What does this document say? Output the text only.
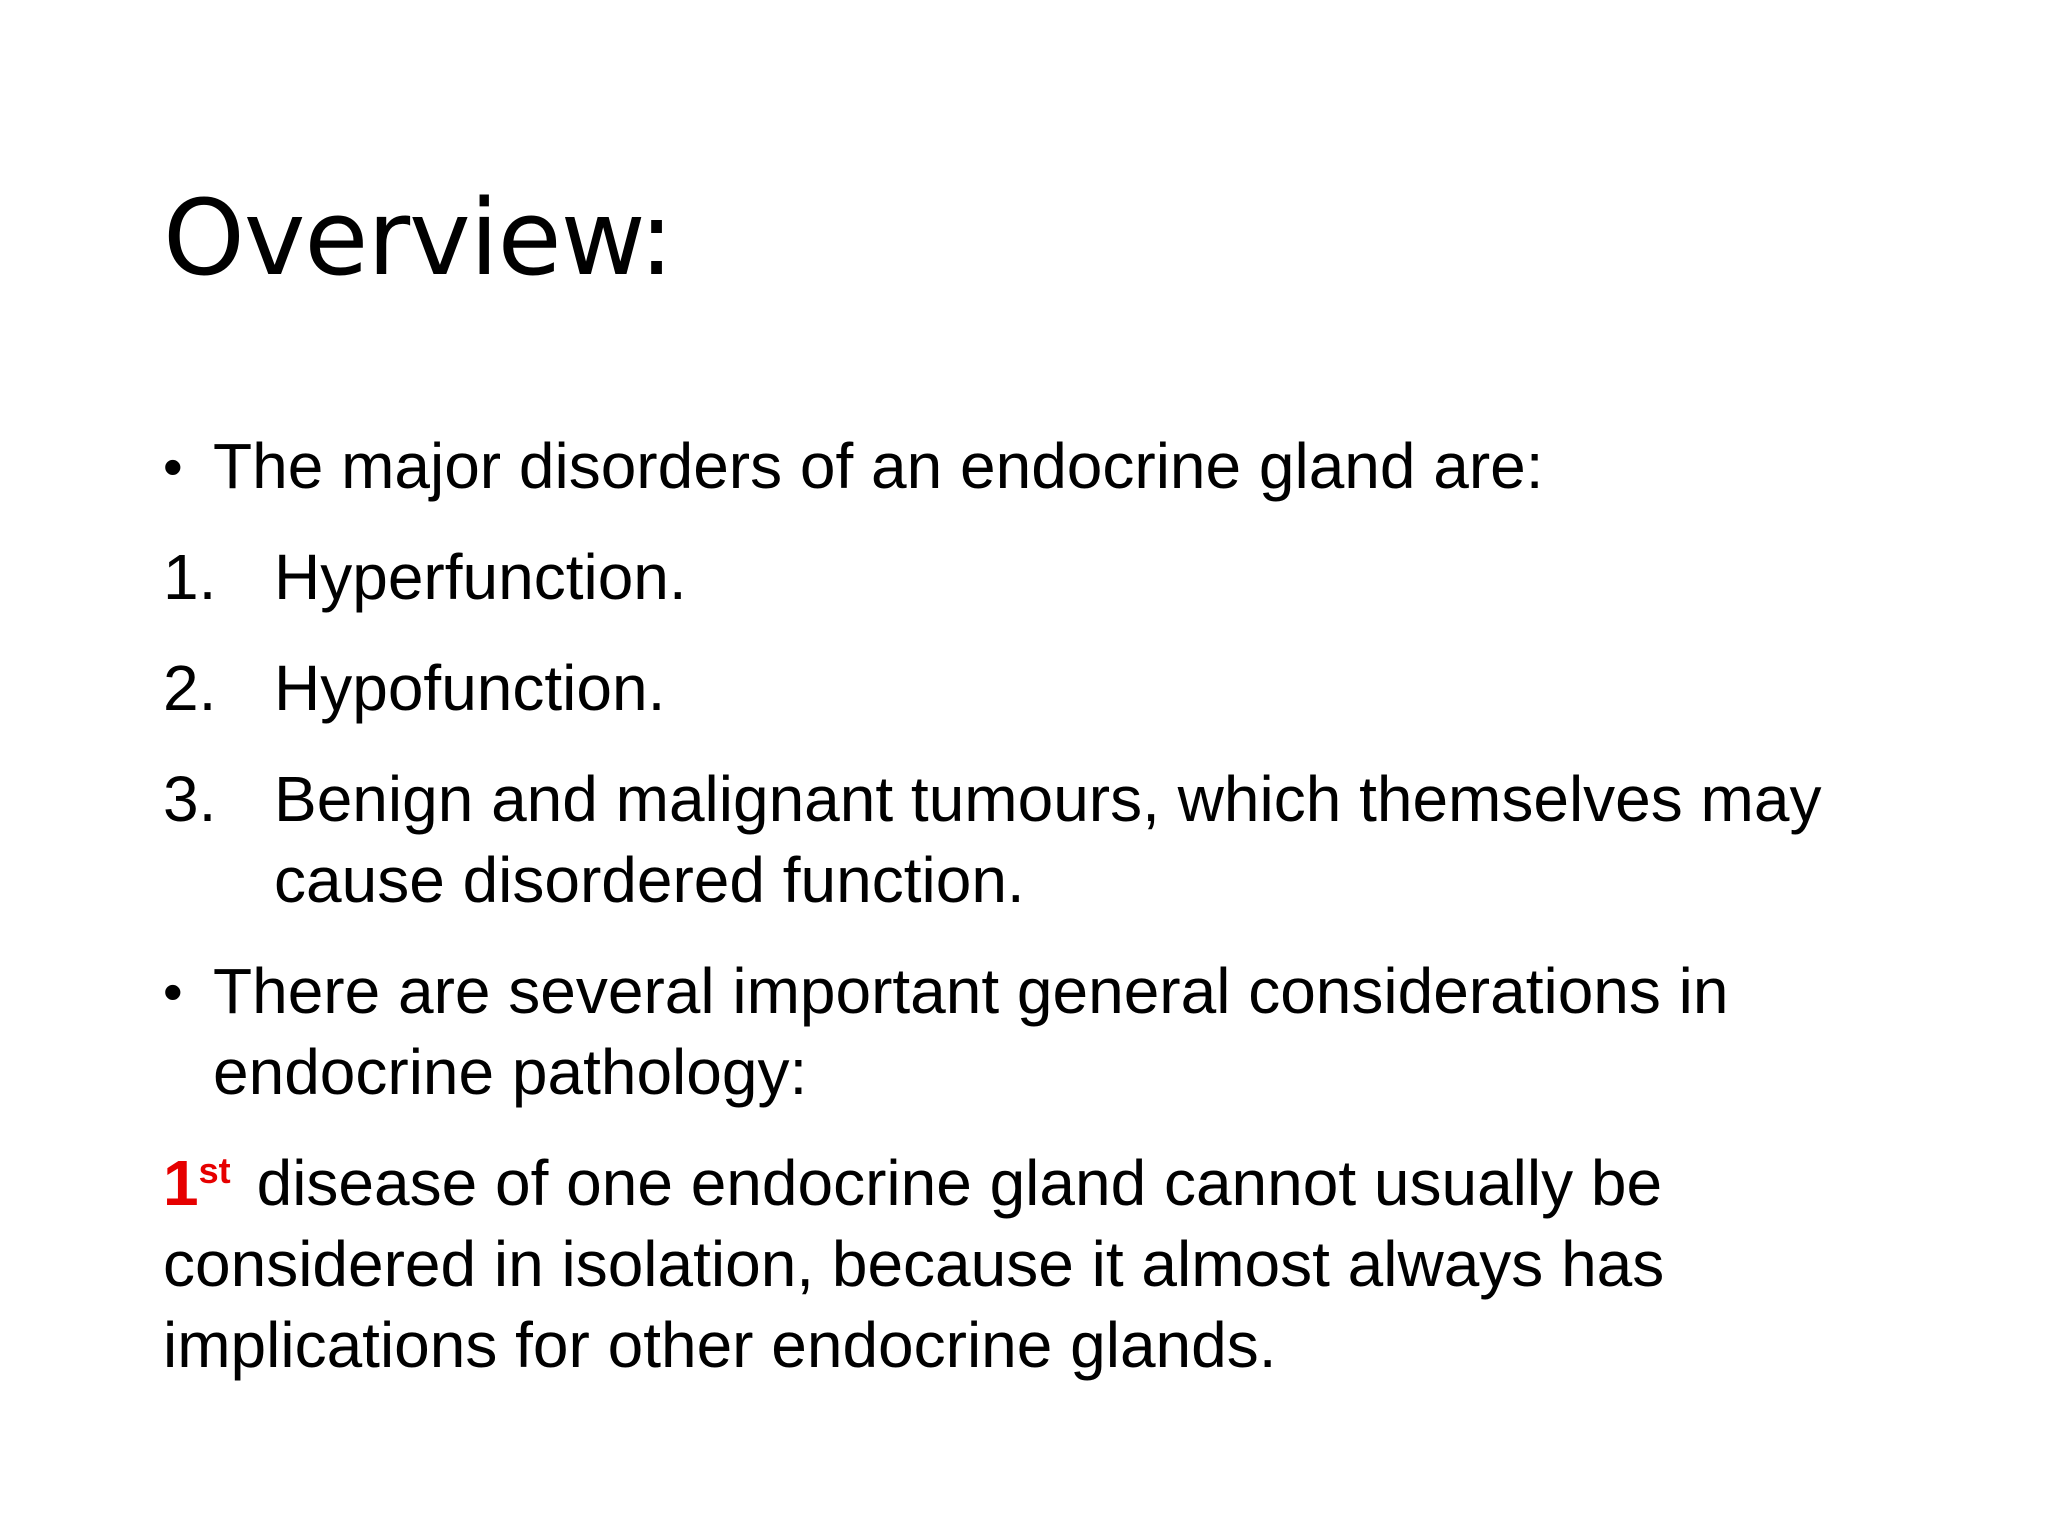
Overview:
• The major disorders of an endocrine gland are:
1. Hyperfunction.
2. Hypofunction.
3. Benign and malignant tumours, which themselves may cause disordered function.
• There are several important general considerations in endocrine pathology:
1st disease of one endocrine gland cannot usually be considered in isolation, because it almost always has implications for other endocrine glands.
